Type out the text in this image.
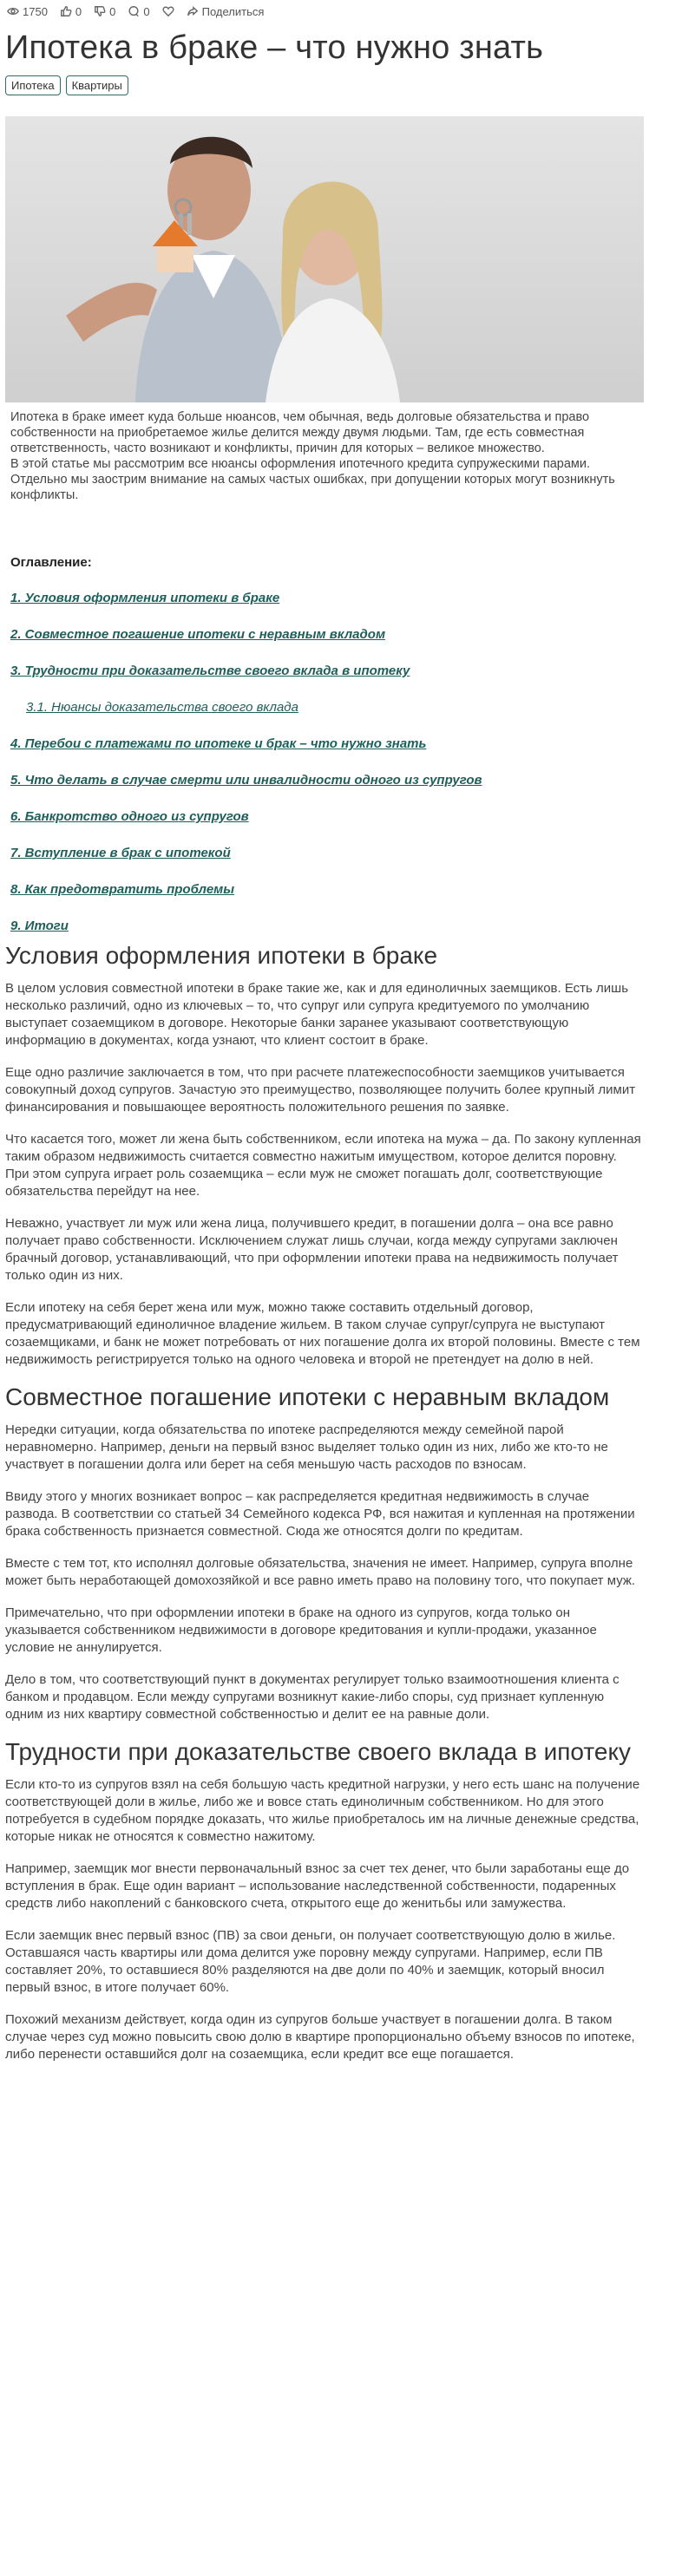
1750 0 0 0	Поделиться
Ипотека в браке – что нужно знать
Ипотека	Квартиры

Ипотека в браке имеет куда больше нюансов, чем обычная, ведь долговые обязательства и право собственности на приобретаемое жилье делится между двумя людьми. Там, где есть совместная ответственность, часто возникают и конфликты, причин для которых – великое множество.

В этой статье мы рассмотрим все нюансы оформления ипотечного кредита супружескими парами. Отдельно мы заострим внимание на самых частых ошибках, при допущении которых могут возникнуть конфликты.

Оглавление:
1. Условия оформления ипотеки в браке
2. Совместное погашение ипотеки с неравным вкладом
3. Трудности при доказательстве своего вклада в ипотеку
3.1. Нюансы доказательства своего вклада
4. Перебои с платежами по ипотеке и брак – что нужно знать
5. Что делать в случае смерти или инвалидности одного из супругов
6. Банкротство одного из супругов
7. Вступление в брак с ипотекой
8. Как предотвратить проблемы
9. Итоги
Условия оформления ипотеки в браке

В целом условия совместной ипотеки в браке такие же, как и для единоличных заемщиков. Есть лишь несколько различий, одно из ключевых – то, что супруг или супруга кредитуемого по умолчанию выступает созаемщиком в договоре. Некоторые банки заранее указывают соответствующую информацию в документах, когда узнают, что клиент состоит в браке.

Еще одно различие заключается в том, что при расчете платежеспособности заемщиков учитывается совокупный доход супругов. Зачастую это преимущество, позволяющее получить более крупный лимит финансирования и повышающее вероятность положительного решения по заявке.

Что касается того, может ли жена быть собственником, если ипотека на мужа – да. По закону купленная таким образом недвижимость считается совместно нажитым имуществом, которое делится поровну. При этом супруга играет роль созаемщика – если муж не сможет погашать долг, соответствующие обязательства перейдут на нее.

Неважно, участвует ли муж или жена лица, получившего кредит, в погашении долга – она все равно получает право собственности. Исключением служат лишь случаи, когда между супругами заключен брачный договор, устанавливающий, что при оформлении ипотеки права на недвижимость получает только один из них.

Если ипотеку на себя берет жена или муж, можно также составить отдельный договор, предусматривающий единоличное владение жильем. В таком случае супруг/супруга не выступают созаемщиками, и банк не может потребовать от них погашение долга их второй половины. Вместе с тем недвижимость регистрируется только на одного человека и второй не претендует на долю в ней.

Совместное погашение ипотеки с неравным вкладом

Нередки ситуации, когда обязательства по ипотеке распределяются между семейной парой неравномерно. Например, деньги на первый взнос выделяет только один из них, либо же кто-то не участвует в погашении долга или берет на себя меньшую часть расходов по взносам.

Ввиду этого у многих возникает вопрос – как распределяется кредитная недвижимость в случае развода. В соответствии со статьей 34 Семейного кодекса РФ, вся нажитая и купленная на протяжении брака собственность признается совместной. Сюда же относятся долги по кредитам.

Вместе с тем тот, кто исполнял долговые обязательства, значения не имеет. Например, супруга вполне может быть неработающей домохозяйкой и все равно иметь право на половину того, что покупает муж.

Примечательно, что при оформлении ипотеки в браке на одного из супругов, когда только он указывается собственником недвижимости в договоре кредитования и купли-продажи, указанное условие не аннулируется.

Дело в том, что соответствующий пункт в документах регулирует только взаимоотношения клиента с банком и продавцом. Если между супругами возникнут какие-либо споры, суд признает купленную одним из них квартиру совместной собственностью и делит ее на равные доли.

Трудности при доказательстве своего вклада в ипотеку

Если кто-то из супругов взял на себя большую часть кредитной нагрузки, у него есть шанс на получение соответствующей доли в жилье, либо же и вовсе стать единоличным собственником. Но для этого потребуется в судебном порядке доказать, что жилье приобреталось им на личные денежные средства, которые никак не относятся к совместно нажитому.

Например, заемщик мог внести первоначальный взнос за счет тех денег, что были заработаны еще до вступления в брак. Еще один вариант – использование наследственной собственности, подаренных средств либо накоплений с банковского счета, открытого еще до женитьбы или замужества.

Если заемщик внес первый взнос (ПВ) за свои деньги, он получает соответствующую долю в жилье. Оставшаяся часть квартиры или дома делится уже поровну между супругами. Например, если ПВ составляет 20%, то оставшиеся 80% разделяются на две доли по 40% и заемщик, который вносил первый взнос, в итоге получает 60%.

Похожий механизм действует, когда один из супругов больше участвует в погашении долга. В таком случае через суд можно повысить свою долю в квартире пропорционально объему взносов по ипотеке, либо перенести оставшийся долг на созаемщика, если кредит все еще погашается.
